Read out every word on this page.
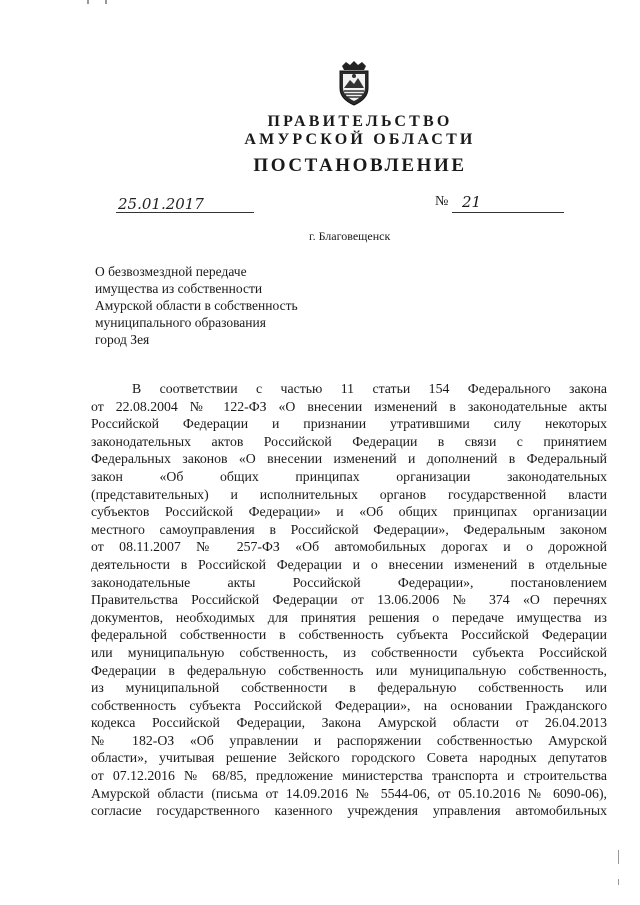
ПРАВИТЕЛЬСТВО
АМУРСКОЙ ОБЛАСТИ
ПОСТАНОВЛЕНИЕ
25.01.2017	№ 21
г. Благовещенск
О безвозмездной передаче
имущества из собственности
Амурской области в собственность
муниципального образования
город Зея
В соответствии с частью 11 статьи 154 Федерального закона
от 22.08.2004 № 122-ФЗ «О внесении изменений в законодательные акты
Российской Федерации и признании утратившими силу некоторых
законодательных актов Российской Федерации в связи с принятием
Федеральных законов «О внесении изменений и дополнений в Федеральный
закон «Об общих принципах организации законодательных
(представительных) и исполнительных органов государственной власти
субъектов Российской Федерации» и «Об общих принципах организации
местного самоуправления в Российской Федерации», Федеральным законом
от 08.11.2007 № 257-ФЗ «Об автомобильных дорогах и о дорожной
деятельности в Российской Федерации и о внесении изменений в отдельные
законодательные акты Российской Федерации», постановлением
Правительства Российской Федерации от 13.06.2006 № 374 «О перечнях
документов, необходимых для принятия решения о передаче имущества из
федеральной собственности в собственность субъекта Российской Федерации
или муниципальную собственность, из собственности субъекта Российской
Федерации в федеральную собственность или муниципальную собственность,
из муниципальной собственности в федеральную собственность или
собственность субъекта Российской Федерации», на основании Гражданского
кодекса Российской Федерации, Закона Амурской области от 26.04.2013
№ 182-ОЗ «Об управлении и распоряжении собственностью Амурской
области», учитывая решение Зейского городского Совета народных депутатов
от 07.12.2016 № 68/85, предложение министерства транспорта и строительства
Амурской области (письма от 14.09.2016 № 5544-06, от 05.10.2016 № 6090-06),
согласие государственного казенного учреждения управления автомобильных
